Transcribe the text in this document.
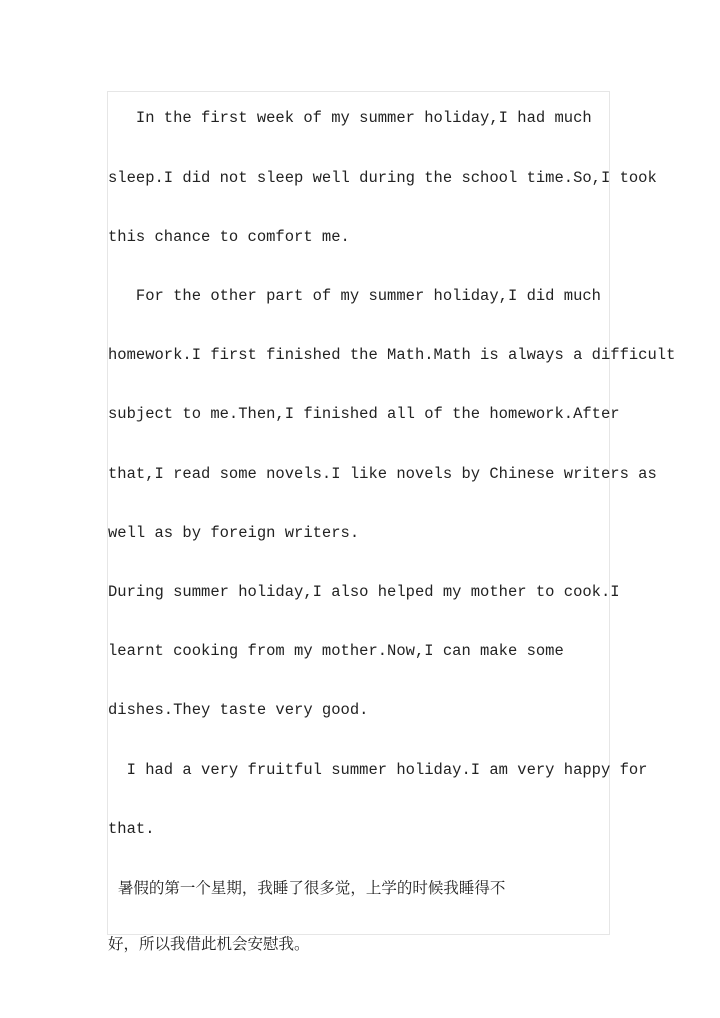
In the first week of my summer holiday,I had much
sleep.I did not sleep well during the school time.So,I took
this chance to comfort me.
For the other part of my summer holiday,I did much
homework.I first finished the Math.Math is always a difficult
subject to me.Then,I finished all of the homework.After
that,I read some novels.I like novels by Chinese writers as
well as by foreign writers.
During summer holiday,I also helped my mother to cook.I
learnt cooking from my mother.Now,I can make some
dishes.They taste very good.
I had a very fruitful summer holiday.I am very happy for
that.
暑假的第一个星期，我睡了很多觉，上学的时候我睡得不
好，所以我借此机会安慰我。
